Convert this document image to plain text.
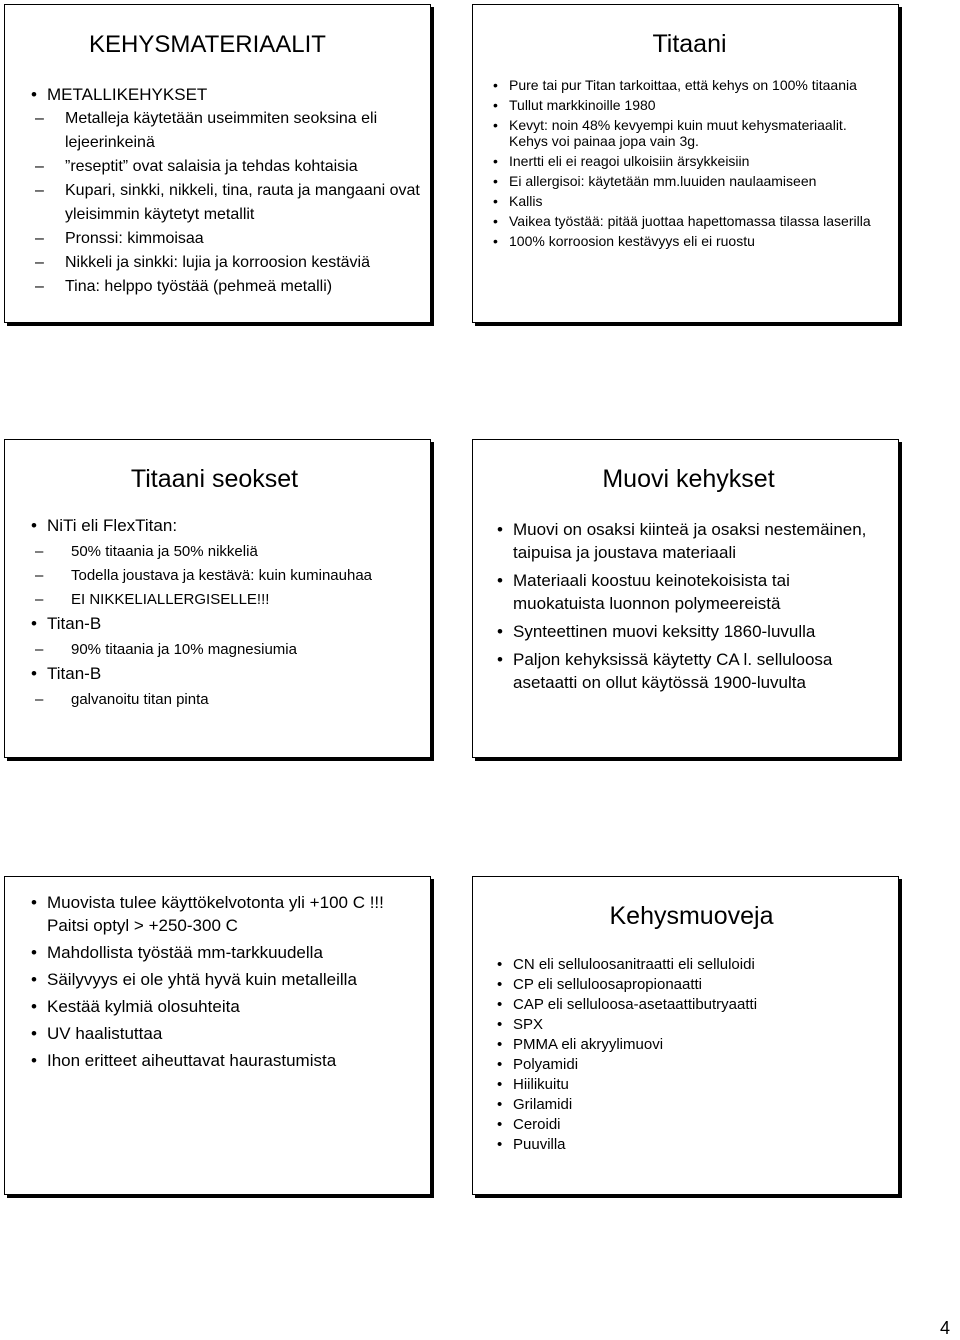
KEHYSMATERIAALIT
• METALLIKEHYKSET
– Metalleja käytetään useimmiten seoksina eli lejeerinkeinä
– ”reseptit” ovat salaisia ja tehdas kohtaisia
– Kupari, sinkki, nikkeli, tina, rauta ja mangaani ovat yleisimmin käytetyt metallit
– Pronssi: kimmoisaa
– Nikkeli ja sinkki: lujia ja korroosion kestäviä
– Tina: helppo työstää (pehmeä metalli)
Titaani
• Pure tai pur Titan tarkoittaa, että kehys on 100% titaania
• Tullut markkinoille 1980
• Kevyt: noin 48% kevyempi kuin muut kehysmateriaalit. Kehys voi painaa jopa vain 3g.
• Inertti eli ei reagoi ulkoisiin ärsykkeisiin
• Ei allergisoi: käytetään mm.luuiden naulaamiseen
• Kallis
• Vaikea työstää: pitää juottaa hapettomassa tilassa laserilla
• 100% korroosion kestävyys eli ei ruostu
Titaani seokset
• NiTi eli FlexTitan:
– 50% titaania ja 50% nikkeliä
– Todella joustava ja kestävä: kuin kuminauhaa
– EI NIKKELIALLERGISELLE!!!
• Titan-B
– 90% titaania ja 10% magnesiumia
• Titan-B
– galvanoitu titan pinta
Muovi kehykset
• Muovi on osaksi kiinteä ja osaksi nestemäinen, taipuisa ja joustava materiaali
• Materiaali koostuu keinotekoisista tai muokatuista luonnon polymeereistä
• Synteettinen muovi keksitty 1860-luvulla
• Paljon kehyksissä käytetty CA l. selluloosa asetaatti on ollut käytössä 1900-luvulta
• Muovista tulee käyttökelvotonta yli +100 C !!! Paitsi optyl > +250-300 C
• Mahdollista työstää mm-tarkkuudella
• Säilyvyys ei ole yhtä hyvä kuin metalleilla
• Kestää kylmiä olosuhteita
• UV haalistuttaa
• Ihon eritteet aiheuttavat haurastumista
Kehysmuoveja
• CN eli selluloosanitraatti eli selluloidi
• CP eli selluloosapropionaatti
• CAP eli selluloosa-asetaattibutryaatti
• SPX
• PMMA eli akryylimuovi
• Polyamidi
• Hiilikuitu
• Grilamidi
• Ceroidi
• Puuvilla
4
